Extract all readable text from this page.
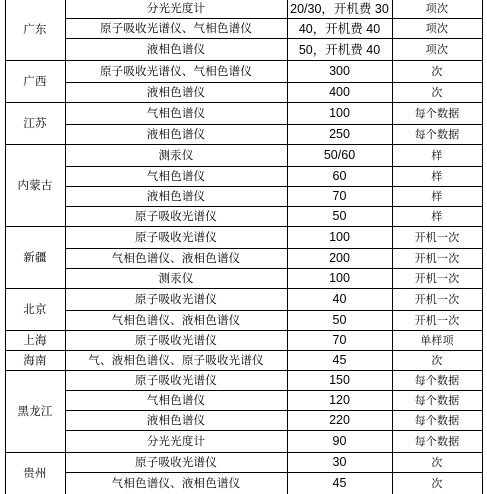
广东
分光光度计	20/30，开机费 30	项次
原子吸收光谱仪、气相色谱仪	40，开机费 40	项次
液相色谱仪	50，开机费 40	项次
广西
原子吸收光谱仪、气相色谱仪	300	次
液相色谱仪	400	次
江苏
气相色谱仪	100	每个数据
液相色谱仪	250	每个数据
内蒙古
测汞仪	50/60	样
气相色谱仪	60	样
液相色谱仪	70	样
原子吸收光谱仪	50	样
新疆
原子吸收光谱仪	100	开机一次
气相色谱仪、液相色谱仪	200	开机一次
测汞仪	100	开机一次
北京
原子吸收光谱仪	40	开机一次
气相色谱仪、液相色谱仪	50	开机一次
上海	原子吸收光谱仪	70	单样项
海南	气、液相色谱仪、原子吸收光谱仪	45	次
黑龙江
原子吸收光谱仪	150	每个数据
气相色谱仪	120	每个数据
液相色谱仪	220	每个数据
分光光度计	90	每个数据
贵州
原子吸收光谱仪	30	次
气相色谱仪、液相色谱仪	45	次
